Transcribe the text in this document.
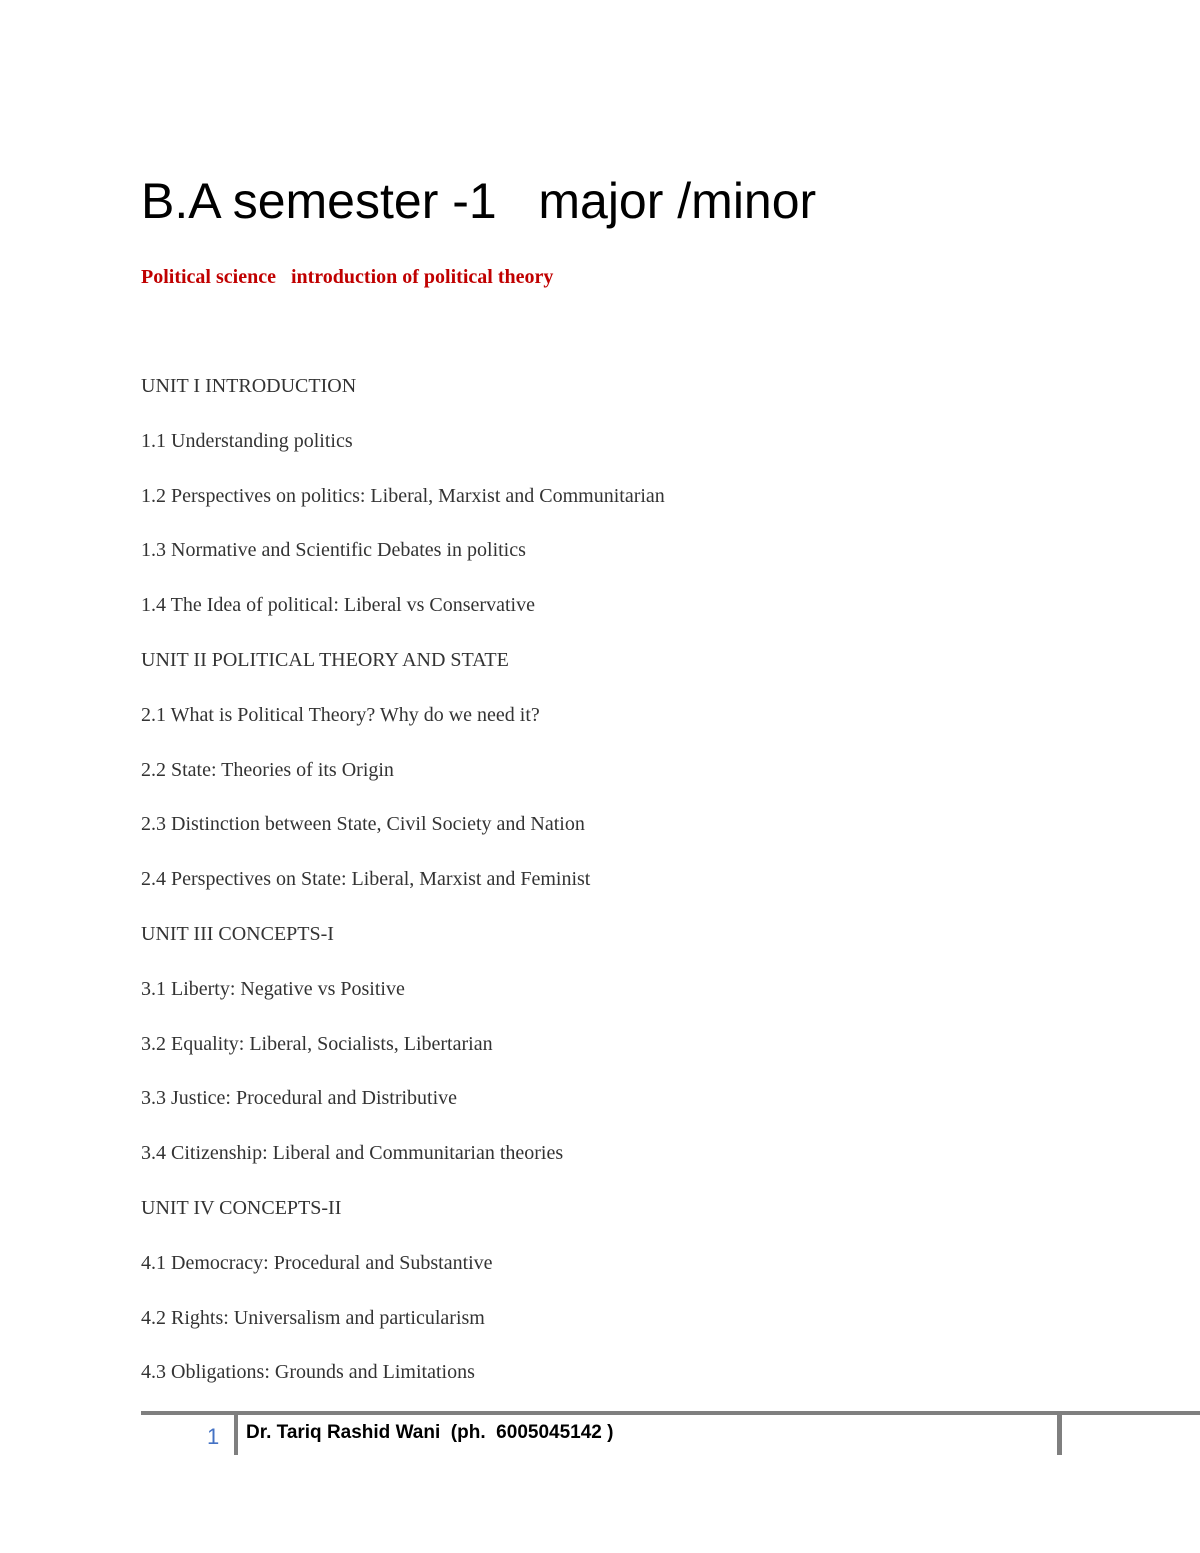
B.A semester -1   major /minor
Political science   introduction of political theory
UNIT I INTRODUCTION
1.1 Understanding politics
1.2 Perspectives on politics: Liberal, Marxist and Communitarian
1.3 Normative and Scientific Debates in politics
1.4 The Idea of political: Liberal vs Conservative
UNIT II POLITICAL THEORY AND STATE
2.1 What is Political Theory? Why do we need it?
2.2 State: Theories of its Origin
2.3 Distinction between State, Civil Society and Nation
2.4 Perspectives on State: Liberal, Marxist and Feminist
UNIT III CONCEPTS-I
3.1 Liberty: Negative vs Positive
3.2 Equality: Liberal, Socialists, Libertarian
3.3 Justice: Procedural and Distributive
3.4 Citizenship: Liberal and Communitarian theories
UNIT IV CONCEPTS-II
4.1 Democracy: Procedural and Substantive
4.2 Rights: Universalism and particularism
4.3 Obligations: Grounds and Limitations
1 Dr. Tariq Rashid Wani  (ph.  6005045142 )
